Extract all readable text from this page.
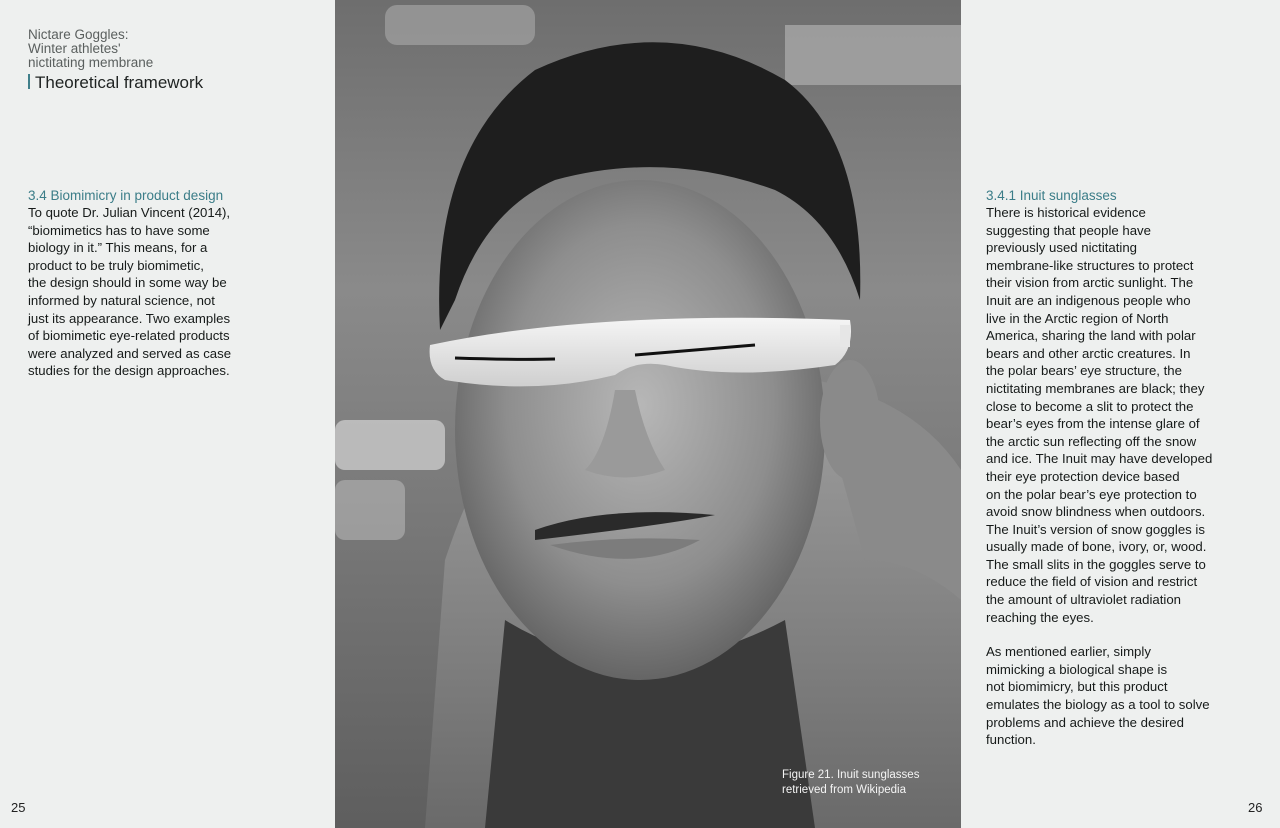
Nictare Goggles:
Winter athletes'
nictitating membrane
Theoretical framework
3.4 Biomimicry in product design
To quote Dr. Julian Vincent (2014),
“biomimetics has to have some
biology in it.” This means, for a
product to be truly biomimetic,
the design should in some way be
informed by natural science, not
just its appearance. Two examples
of biomimetic eye-related products
were analyzed and served as case
studies for the design approaches.
25
Figure 21. Inuit sunglasses
retrieved from Wikipedia
3.4.1 Inuit sunglasses
There is historical evidence
suggesting that people have
previously used nictitating
membrane-like structures to protect
their vision from arctic sunlight. The
Inuit are an indigenous people who
live in the Arctic region of North
America, sharing the land with polar
bears and other arctic creatures. In
the polar bears’ eye structure, the
nictitating membranes are black; they
close to become a slit to protect the
bear’s eyes from the intense glare of
the arctic sun reflecting off the snow
and ice. The Inuit may have developed
their eye protection device based
on the polar bear’s eye protection to
avoid snow blindness when outdoors.
The Inuit’s version of snow goggles is
usually made of bone, ivory, or, wood.
The small slits in the goggles serve to
reduce the field of vision and restrict
the amount of ultraviolet radiation
reaching the eyes.
As mentioned earlier, simply
mimicking a biological shape is
not biomimicry, but this product
emulates the biology as a tool to solve
problems and achieve the desired
function.
26
